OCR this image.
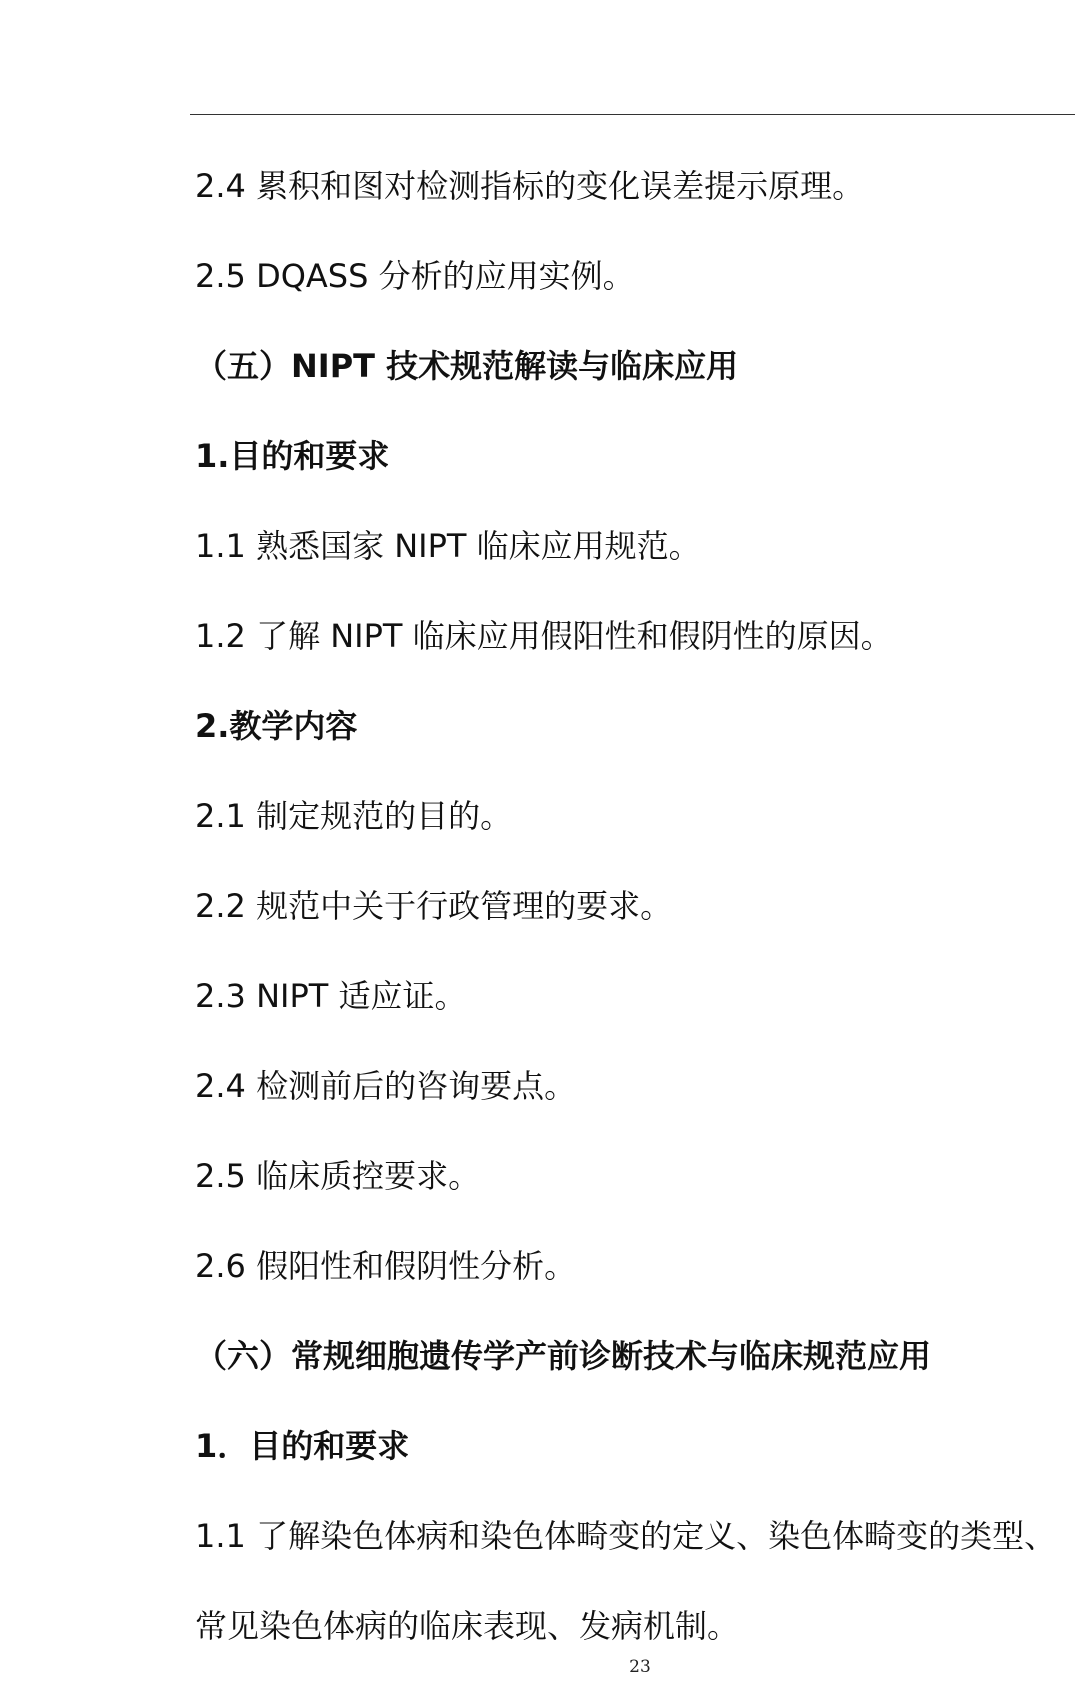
2.4 累积和图对检测指标的变化误差提示原理。
2.5 DQASS 分析的应用实例。
（五）NIPT 技术规范解读与临床应用
1.目的和要求
1.1 熟悉国家 NIPT 临床应用规范。
1.2 了解 NIPT 临床应用假阳性和假阴性的原因。
2.教学内容
2.1 制定规范的目的。
2.2 规范中关于行政管理的要求。
2.3 NIPT 适应证。
2.4 检测前后的咨询要点。
2.5 临床质控要求。
2.6 假阳性和假阴性分析。
（六）常规细胞遗传学产前诊断技术与临床规范应用
1．目的和要求
1.1 了解染色体病和染色体畸变的定义、染色体畸变的类型、
常见染色体病的临床表现、发病机制。
23
